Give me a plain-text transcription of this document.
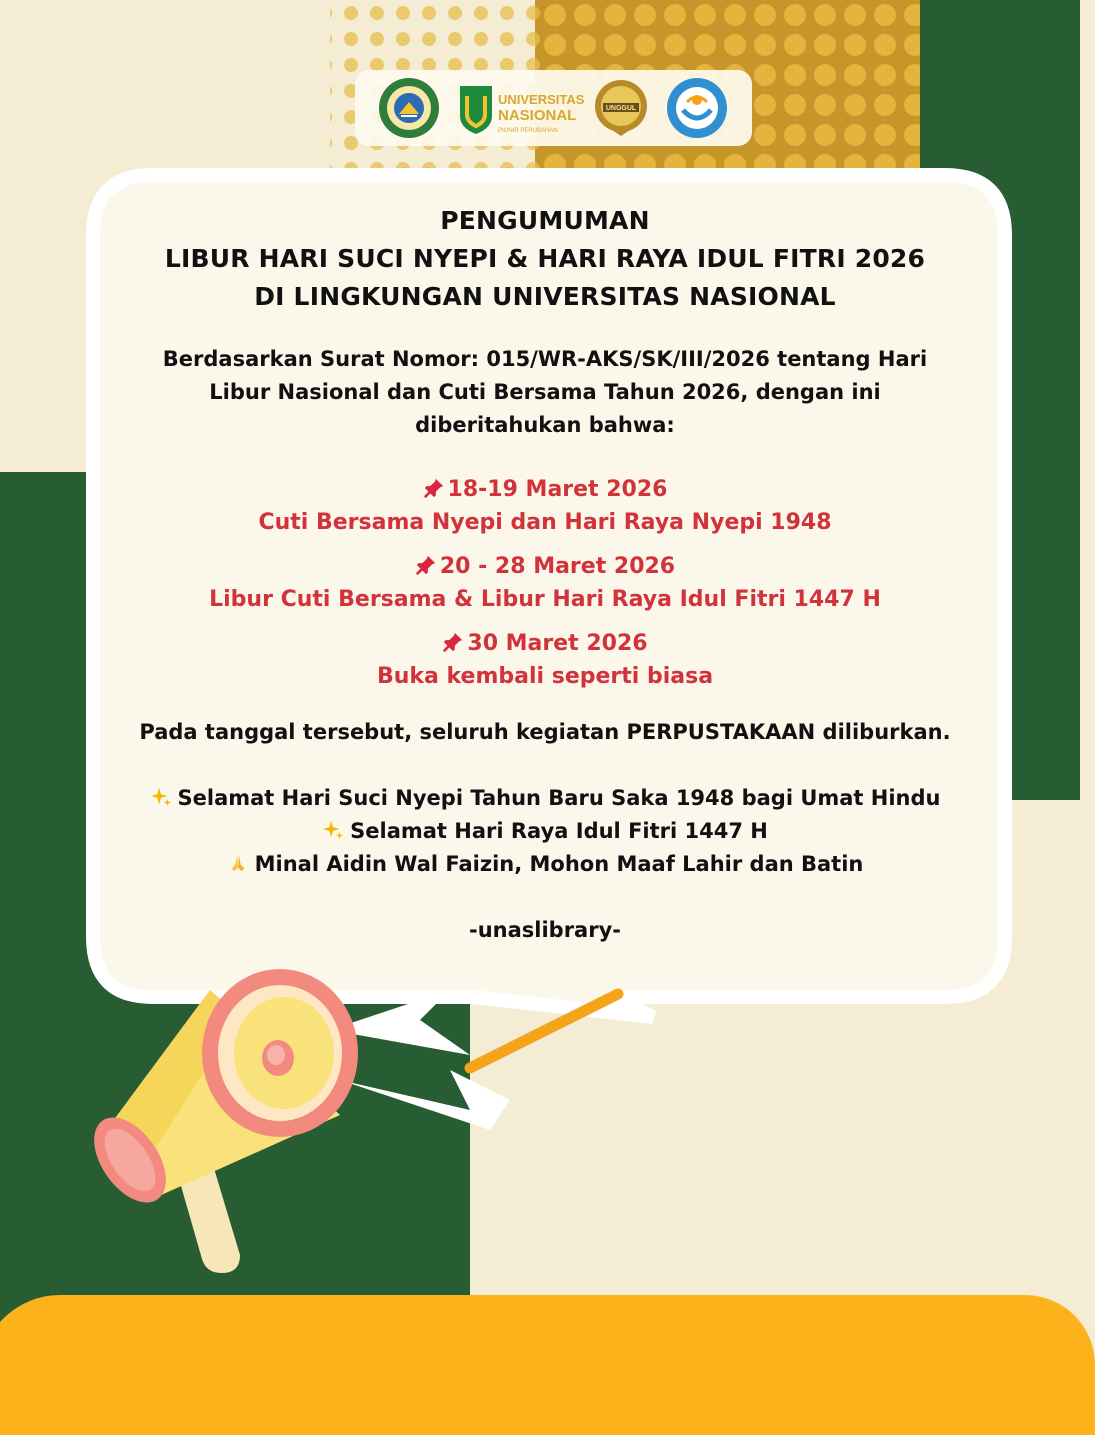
UNIVERSITAS
NASIONAL
PIONIR PERUBAHAN
UNGGUL

PENGUMUMAN
LIBUR HARI SUCI NYEPI & HARI RAYA IDUL FITRI 2026
DI LINGKUNGAN UNIVERSITAS NASIONAL

Berdasarkan Surat Nomor: 015/WR-AKS/SK/III/2026 tentang Hari
Libur Nasional dan Cuti Bersama Tahun 2026, dengan ini
diberitahukan bahwa:

18-19 Maret 2026
Cuti Bersama Nyepi dan Hari Raya Nyepi 1948
20 - 28 Maret 2026
Libur Cuti Bersama & Libur Hari Raya Idul Fitri 1447 H
30 Maret 2026
Buka kembali seperti biasa

Pada tanggal tersebut, seluruh kegiatan PERPUSTAKAAN diliburkan.

Selamat Hari Suci Nyepi Tahun Baru Saka 1948 bagi Umat Hindu
Selamat Hari Raya Idul Fitri 1447 H
Minal Aidin Wal Faizin, Mohon Maaf Lahir dan Batin

-unaslibrary-
